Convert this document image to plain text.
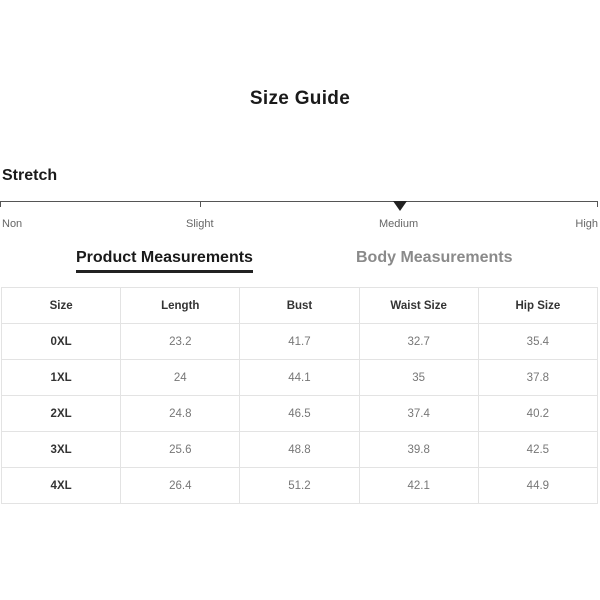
Size Guide
Stretch
Non	Slight	Medium	High
Product Measurements	Body Measurements
Size	Length	Bust	Waist Size	Hip Size
0XL	23.2	41.7	32.7	35.4
1XL	24	44.1	35	37.8
2XL	24.8	46.5	37.4	40.2
3XL	25.6	48.8	39.8	42.5
4XL	26.4	51.2	42.1	44.9
